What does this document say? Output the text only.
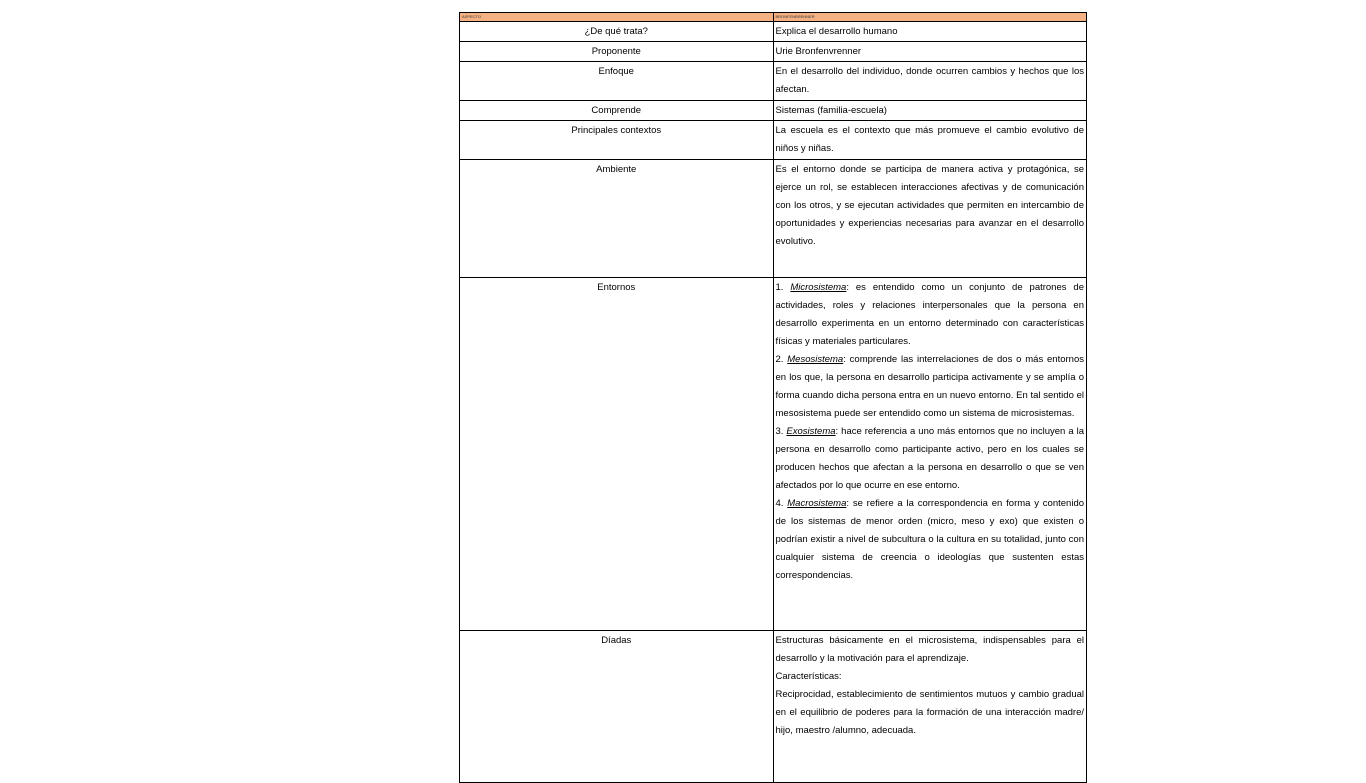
ASPECTO	BRONFENBRENNER
¿De qué trata?	Explica el desarrollo humano
Proponente	Urie Bronfenvrenner
Enfoque	En el desarrollo del individuo, donde ocurren cambios y hechos que los afectan.
Comprende	Sistemas (familia-escuela)
Principales contextos	La escuela es el contexto que más promueve el cambio evolutivo de niños y niñas.
Ambiente	Es el entorno donde se participa de manera activa y protagónica, se ejerce un rol, se establecen interacciones afectivas y de comunicación con los otros, y se ejecutan actividades que permiten en intercambio de oportunidades y experiencias necesarias para avanzar en el desarrollo evolutivo.
Entornos	1. Microsistema: es entendido como un conjunto de patrones de actividades, roles y relaciones interpersonales que la persona en desarrollo experimenta en un entorno determinado con características físicas y materiales particulares.
2. Mesosistema: comprende las interrelaciones de dos o más entornos en los que, la persona en desarrollo participa activamente y se amplía o forma cuando dicha persona entra en un nuevo entorno. En tal sentido el mesosistema puede ser entendido como un sistema de microsistemas.
3. Exosistema: hace referencia a uno más entornos que no incluyen a la persona en desarrollo como participante activo, pero en los cuales se producen hechos que afectan a la persona en desarrollo o que se ven afectados por lo que ocurre en ese entorno.
4. Macrosistema: se refiere a la correspondencia en forma y contenido de los sistemas de menor orden (micro, meso y exo) que existen o podrían existir a nivel de subcultura o la cultura en su totalidad, junto con cualquier sistema de creencia o ideologías que sustenten estas correspondencias.

Díadas	Estructuras básicamente en el microsistema, indispensables para el desarrollo y la motivación para el aprendizaje.
Características:
Reciprocidad, establecimiento de sentimientos mutuos y cambio gradual en el equilibrio de poderes para la formación de una interacción madre/ hijo, maestro /alumno, adecuada.
